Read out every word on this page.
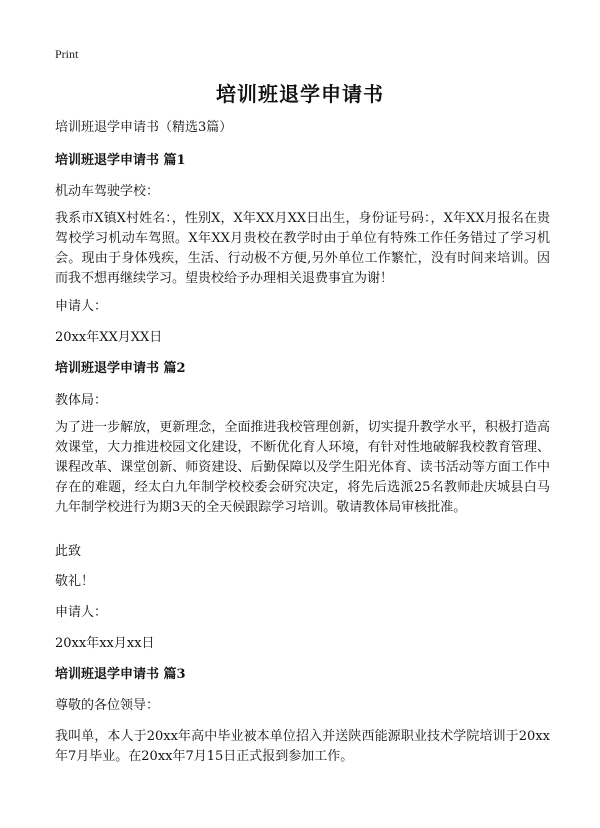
Print
培训班退学申请书
培训班退学申请书（精选3篇）
培训班退学申请书 篇1
机动车驾驶学校：
我系市X镇X村姓名：，性别X，X年XX月XX日出生，身份证号码：，X年XX月报名在贵驾校学习机动车驾照。X年XX月贵校在教学时由于单位有特殊工作任务错过了学习机会。现由于身体残疾，生活、行动极不方便,另外单位工作繁忙，没有时间来培训。因而我不想再继续学习。望贵校给予办理相关退费事宜为谢！
申请人：
20xx年XX月XX日
培训班退学申请书 篇2
教体局：
为了进一步解放，更新理念，全面推进我校管理创新，切实提升教学水平，积极打造高效课堂，大力推进校园文化建设，不断优化育人环境，有针对性地破解我校教育管理、课程改革、课堂创新、师资建设、后勤保障以及学生阳光体育、读书活动等方面工作中存在的难题，经太白九年制学校校委会研究决定，将先后选派25名教师赴庆城县白马九年制学校进行为期3天的全天候跟踪学习培训。敬请教体局审核批准。
此致
敬礼！
申请人：
20xx年xx月xx日
培训班退学申请书 篇3
尊敬的各位领导：
我叫单，本人于20xx年高中毕业被本单位招入并送陕西能源职业技术学院培训于20xx年7月毕业。在20xx年7月15日正式报到参加工作。
